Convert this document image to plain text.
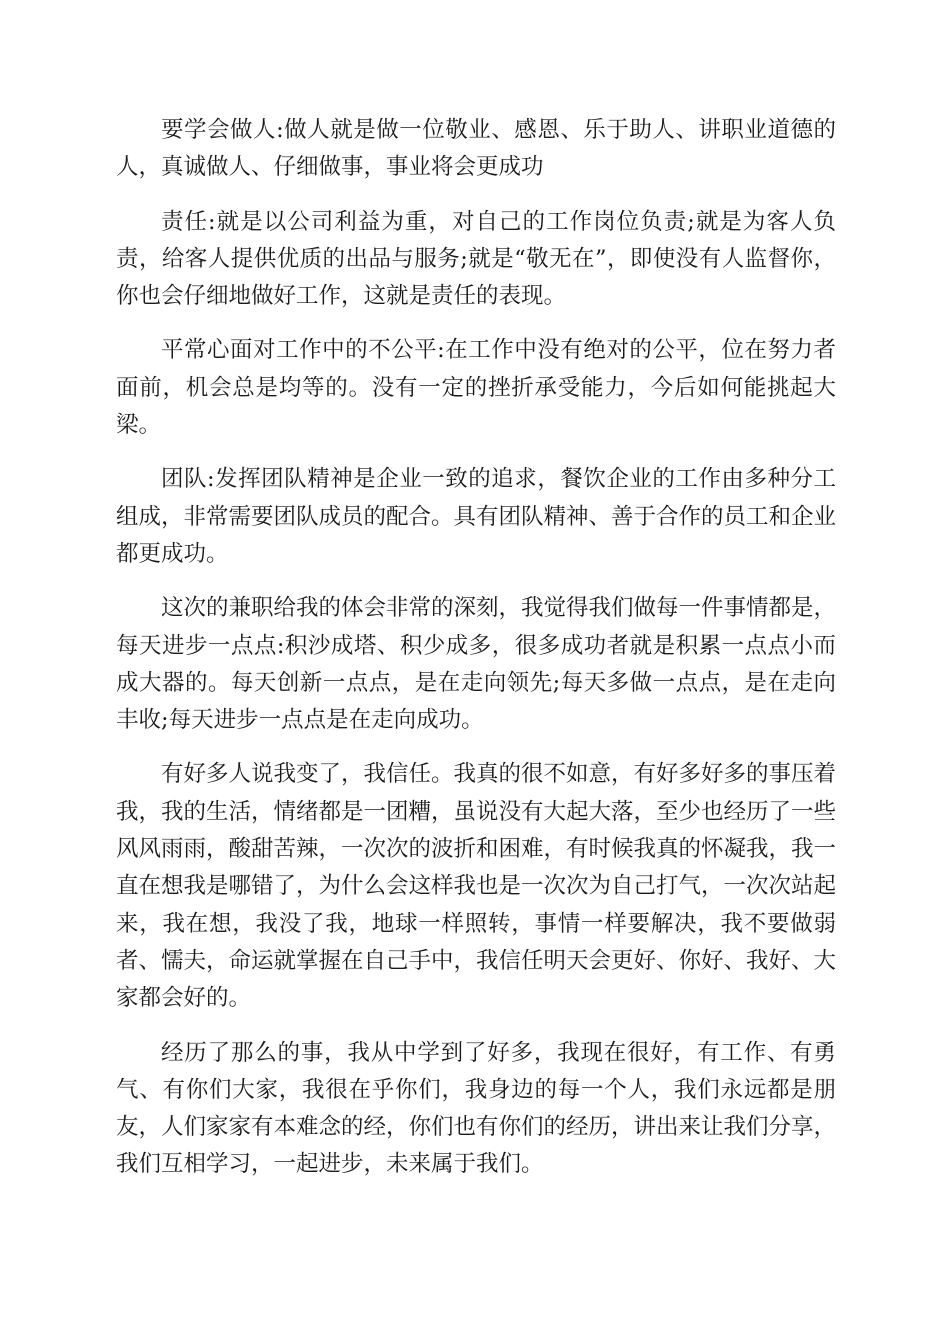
要学会做人:做人就是做一位敬业、感恩、乐于助人、讲职业道德的人，真诚做人、仔细做事，事业将会更成功

责任:就是以公司利益为重，对自己的工作岗位负责;就是为客人负责，给客人提供优质的出品与服务;就是“敬无在”，即使没有人监督你，你也会仔细地做好工作，这就是责任的表现。

平常心面对工作中的不公平:在工作中没有绝对的公平，位在努力者面前，机会总是均等的。没有一定的挫折承受能力，今后如何能挑起大梁。

团队:发挥团队精神是企业一致的追求，餐饮企业的工作由多种分工组成，非常需要团队成员的配合。具有团队精神、善于合作的员工和企业都更成功。

这次的兼职给我的体会非常的深刻，我觉得我们做每一件事情都是，每天进步一点点:积沙成塔、积少成多，很多成功者就是积累一点点小而成大器的。每天创新一点点，是在走向领先;每天多做一点点，是在走向丰收;每天进步一点点是在走向成功。

有好多人说我变了，我信任。我真的很不如意，有好多好多的事压着我，我的生活，情绪都是一团糟，虽说没有大起大落，至少也经历了一些风风雨雨，酸甜苦辣，一次次的波折和困难，有时候我真的怀凝我，我一直在想我是哪错了，为什么会这样我也是一次次为自己打气，一次次站起来，我在想，我没了我，地球一样照转，事情一样要解决，我不要做弱者、懦夫，命运就掌握在自己手中，我信任明天会更好、你好、我好、大家都会好的。

经历了那么的事，我从中学到了好多，我现在很好，有工作、有勇气、有你们大家，我很在乎你们，我身边的每一个人，我们永远都是朋友，人们家家有本难念的经，你们也有你们的经历，讲出来让我们分享，我们互相学习，一起进步，未来属于我们。
